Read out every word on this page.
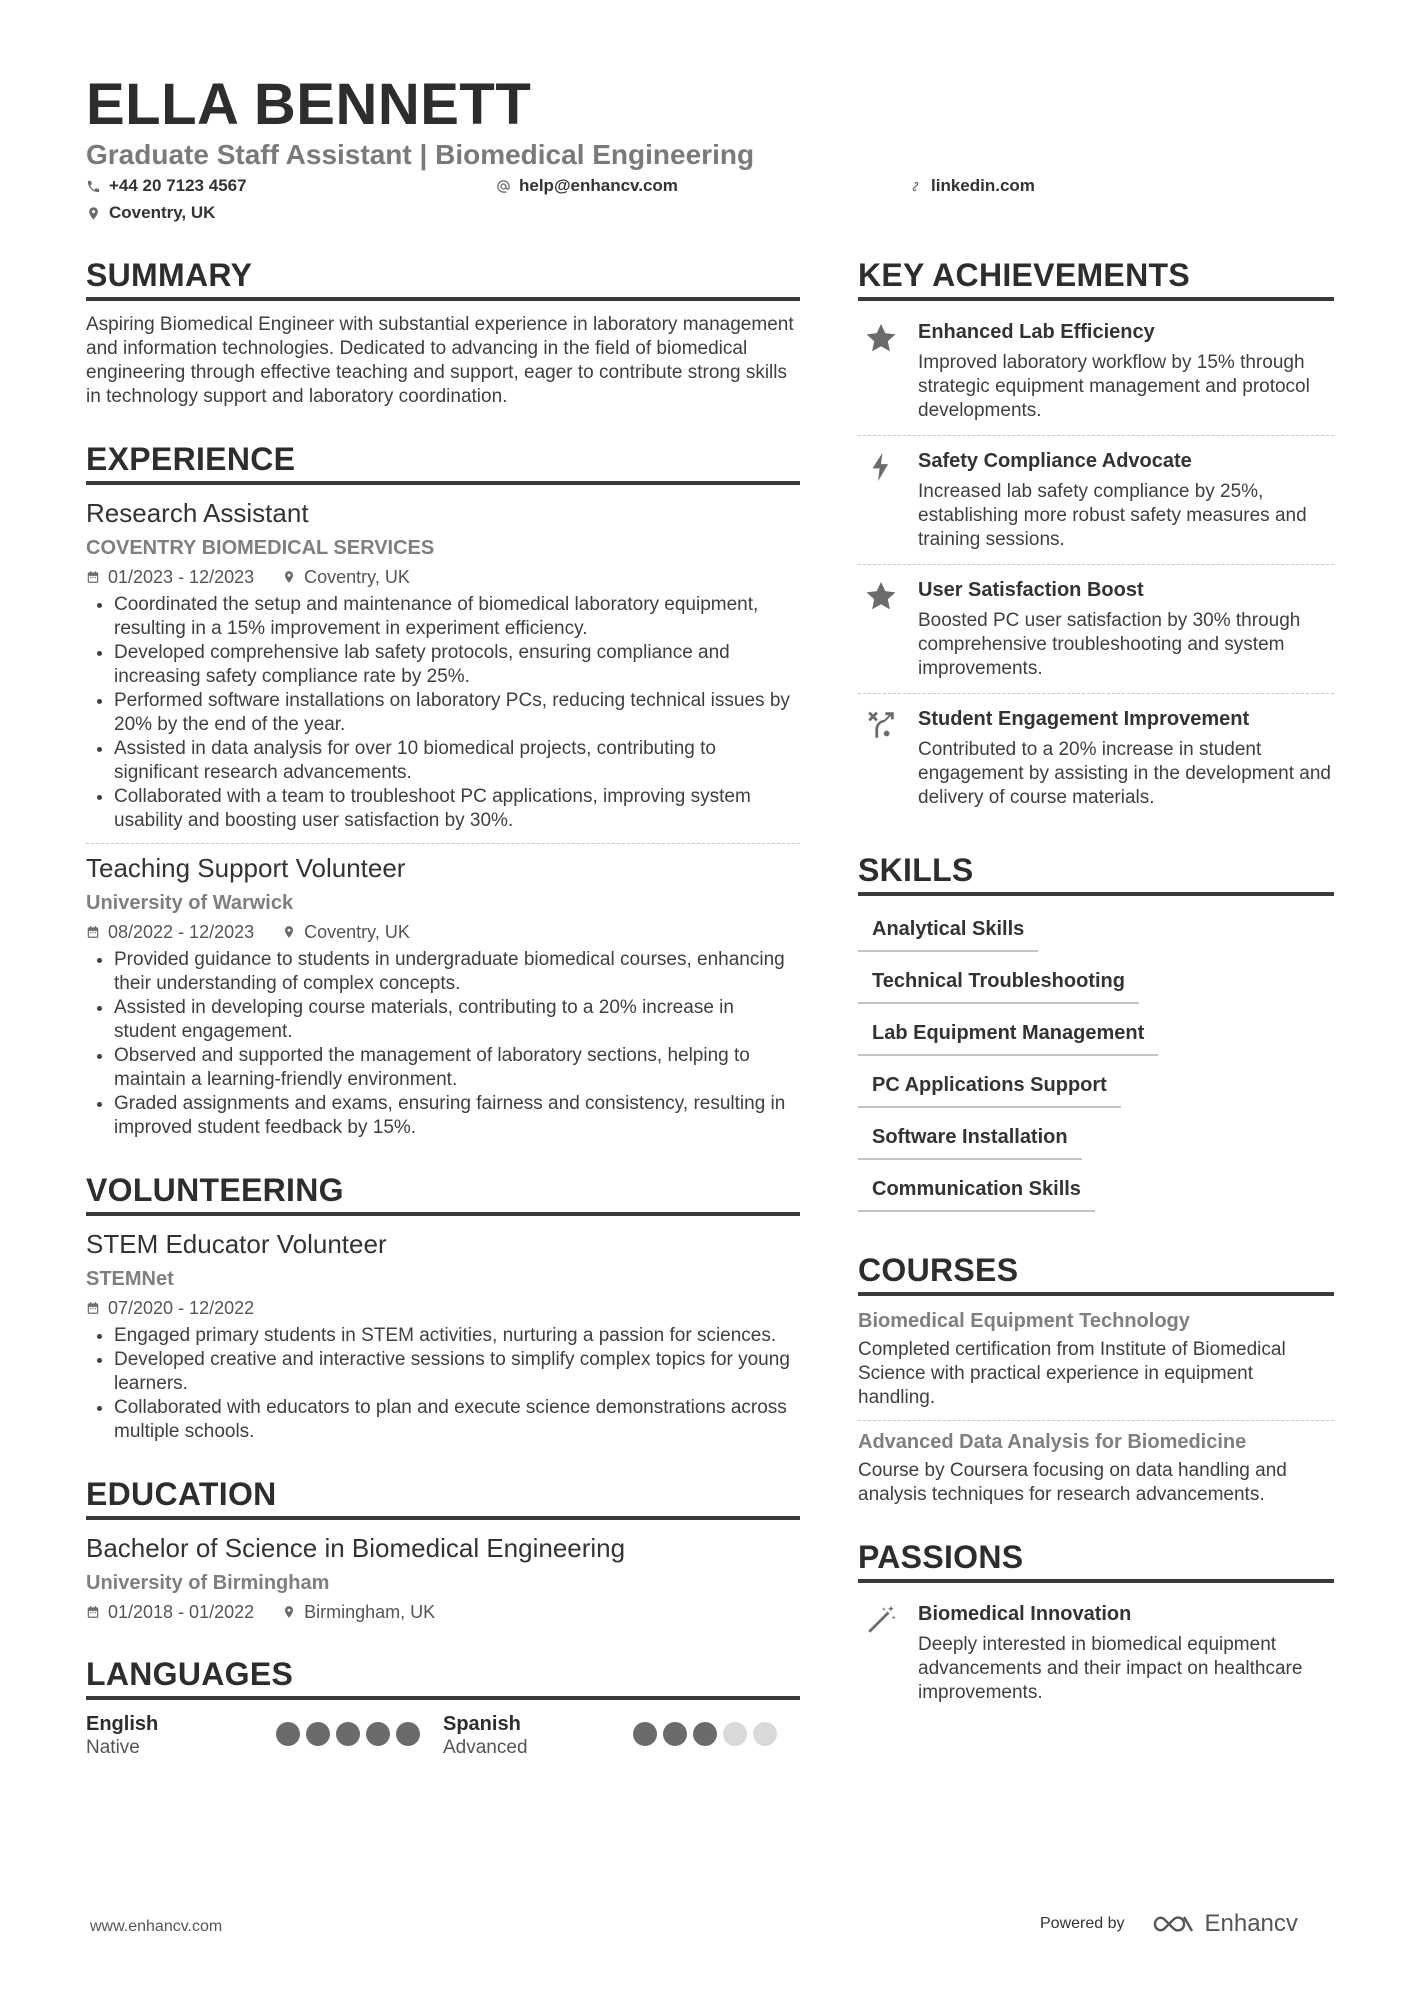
ELLA BENNETT
Graduate Staff Assistant | Biomedical Engineering
+44 20 7123 4567	help@enhancv.com	linkedin.com
Coventry, UK
SUMMARY
Aspiring Biomedical Engineer with substantial experience in laboratory management and information technologies. Dedicated to advancing in the field of biomedical engineering through effective teaching and support, eager to contribute strong skills in technology support and laboratory coordination.
EXPERIENCE
Research Assistant
COVENTRY BIOMEDICAL SERVICES
01/2023 - 12/2023	Coventry, UK
• Coordinated the setup and maintenance of biomedical laboratory equipment, resulting in a 15% improvement in experiment efficiency.
• Developed comprehensive lab safety protocols, ensuring compliance and increasing safety compliance rate by 25%.
• Performed software installations on laboratory PCs, reducing technical issues by 20% by the end of the year.
• Assisted in data analysis for over 10 biomedical projects, contributing to significant research advancements.
• Collaborated with a team to troubleshoot PC applications, improving system usability and boosting user satisfaction by 30%.
Teaching Support Volunteer
University of Warwick
08/2022 - 12/2023	Coventry, UK
• Provided guidance to students in undergraduate biomedical courses, enhancing their understanding of complex concepts.
• Assisted in developing course materials, contributing to a 20% increase in student engagement.
• Observed and supported the management of laboratory sections, helping to maintain a learning-friendly environment.
• Graded assignments and exams, ensuring fairness and consistency, resulting in improved student feedback by 15%.
VOLUNTEERING
STEM Educator Volunteer
STEMNet
07/2020 - 12/2022
• Engaged primary students in STEM activities, nurturing a passion for sciences.
• Developed creative and interactive sessions to simplify complex topics for young learners.
• Collaborated with educators to plan and execute science demonstrations across multiple schools.
EDUCATION
Bachelor of Science in Biomedical Engineering
University of Birmingham
01/2018 - 01/2022	Birmingham, UK
LANGUAGES
English
Native
Spanish
Advanced
KEY ACHIEVEMENTS
Enhanced Lab Efficiency
Improved laboratory workflow by 15% through strategic equipment management and protocol developments.
Safety Compliance Advocate
Increased lab safety compliance by 25%, establishing more robust safety measures and training sessions.
User Satisfaction Boost
Boosted PC user satisfaction by 30% through comprehensive troubleshooting and system improvements.
Student Engagement Improvement
Contributed to a 20% increase in student engagement by assisting in the development and delivery of course materials.
SKILLS
Analytical Skills
Technical Troubleshooting
Lab Equipment Management
PC Applications Support
Software Installation
Communication Skills
COURSES
Biomedical Equipment Technology
Completed certification from Institute of Biomedical Science with practical experience in equipment handling.
Advanced Data Analysis for Biomedicine
Course by Coursera focusing on data handling and analysis techniques for research advancements.
PASSIONS
Biomedical Innovation
Deeply interested in biomedical equipment advancements and their impact on healthcare improvements.
www.enhancv.com	Powered by	Enhancv
